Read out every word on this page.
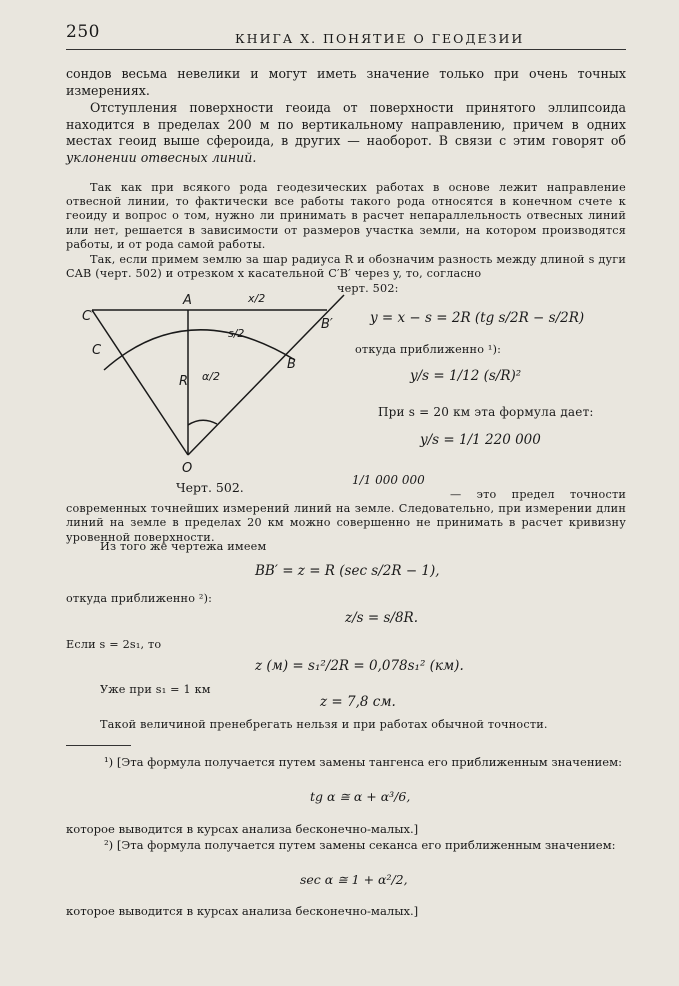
250	КНИГА X. ПОНЯТИЕ О ГЕОДЕЗИИ
сондов весьма невелики и могут иметь значение только при очень точных измерениях.
Отступления поверхности геоида от поверхности принятого эллипсоида находится в пределах 200 м по вертикальному направлению, причем в одних местах геоид выше сфероида, в других — наоборот. В связи с этим говорят об уклонении отвесных линий.
Так как при всякого рода геодезических работах в основе лежит направление отвесной линии, то фактически все работы такого рода относятся в конечном счете к геоиду и вопрос о том, нужно ли принимать в расчет непараллельность отвесных линий или нет, решается в зависимости от размеров участка земли, на котором производятся работы, и от рода самой работы.
Так, если примем землю за шар радиуса R и обозначим разность между длиной s дуги CAB (черт. 502) и отрезком x касательной C′B′ через y, то, согласно
черт. 502:
C′
C
A
B′
B
R
O
x/2
s/2
α/2
Черт. 502.
y = x − s = 2R (tg s/2R − s/2R)
откуда приближенно ¹):
y/s = 1/12 (s/R)²
При s = 20 км эта формула дает:
y/s = 1/1 220 000
1/1 000 000
— это предел точности современных точнейших измерений линий на земле. Следовательно, при измерении длин линий на земле в пределах 20 км можно совершенно не принимать в расчет кривизну уровенной поверхности.
Из того же чертежа имеем
BB′ = z = R (sec s/2R − 1),
откуда приближенно ²):
z/s = s/8R.
Если s = 2s₁, то
z (м) = s₁²/2R = 0,078s₁² (км).
Уже при s₁ = 1 км
z = 7,8 см.
Такой величиной пренебрегать нельзя и при работах обычной точности.
¹) [Эта формула получается путем замены тангенса его приближенным значением:
tg α ≅ α + α³/6,
которое выводится в курсах анализа бесконечно-малых.]
²) [Эта формула получается путем замены секанса его приближенным значением:
sec α ≅ 1 + α²/2,
которое выводится в курсах анализа бесконечно-малых.]
